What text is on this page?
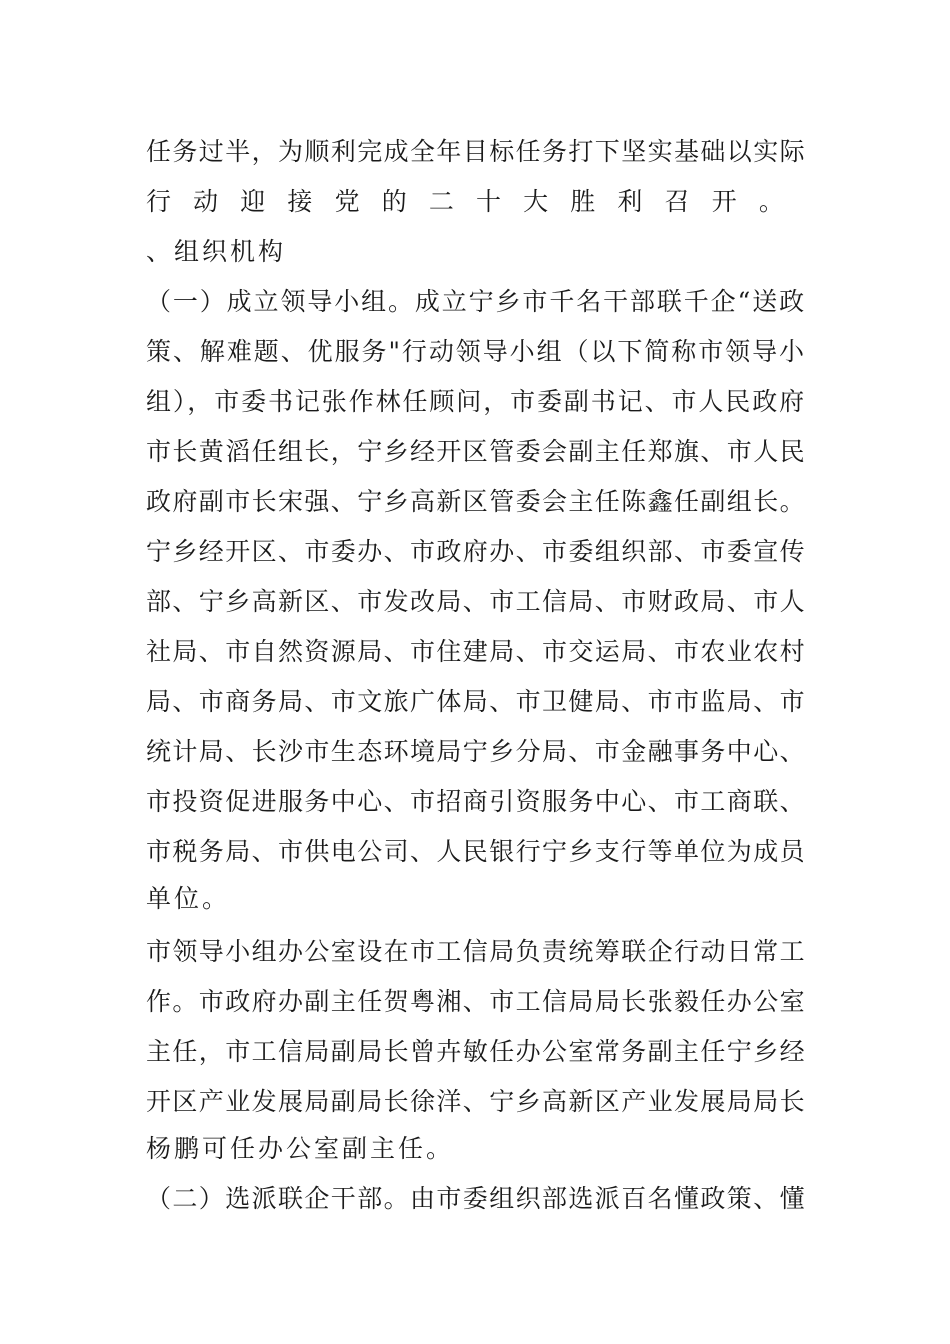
任务过半，为顺利完成全年目标任务打下坚实基础以实际
行动迎接党的二十大胜利召开。
、组织机构
（一）成立领导小组。成立宁乡市千名干部联千企“送政
策、解难题、优服务"行动领导小组（以下简称市领导小
组），市委书记张作林任顾问，市委副书记、市人民政府
市长黄滔任组长，宁乡经开区管委会副主任郑旗、市人民
政府副市长宋强、宁乡高新区管委会主任陈鑫任副组长。
宁乡经开区、市委办、市政府办、市委组织部、市委宣传
部、宁乡高新区、市发改局、市工信局、市财政局、市人
社局、市自然资源局、市住建局、市交运局、市农业农村
局、市商务局、市文旅广体局、市卫健局、市市监局、市
统计局、长沙市生态环境局宁乡分局、市金融事务中心、
市投资促进服务中心、市招商引资服务中心、市工商联、
市税务局、市供电公司、人民银行宁乡支行等单位为成员
单位。
市领导小组办公室设在市工信局负责统筹联企行动日常工
作。市政府办副主任贺粤湘、市工信局局长张毅任办公室
主任，市工信局副局长曾卉敏任办公室常务副主任宁乡经
开区产业发展局副局长徐洋、宁乡高新区产业发展局局长
杨鹏可任办公室副主任。
（二）选派联企干部。由市委组织部选派百名懂政策、懂
